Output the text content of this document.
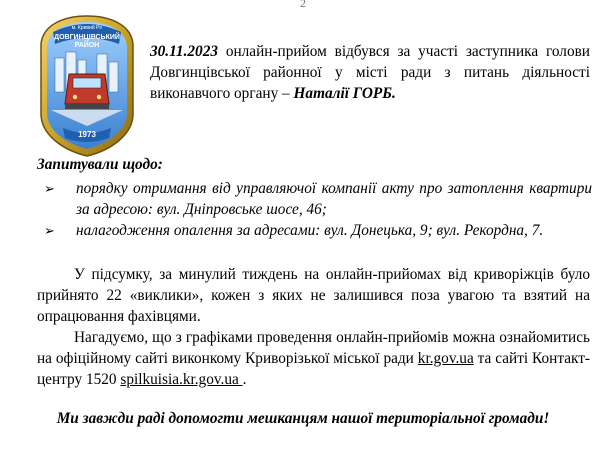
2
м. Кривий Ріг
ДОВГИНЦІВСЬКИЙ
РАЙОН
1973

30.11.2023 онлайн-прийом відбувся за участі заступника голови Довгинцівської районної у місті ради з питань діяльності виконавчого органу – Наталії ГОРБ.

Запитували щодо:
➢ порядку отримання від управляючої компанії акту про затоплення квартири за адресою: вул. Дніпровське шосе, 46;
➢ налагодження опалення за адресами: вул. Донецька, 9; вул. Рекордна, 7.

У підсумку, за минулий тиждень на онлайн-прийомах від криворіжців було прийнято 22 «виклики», кожен з яких не залишився поза увагою та взятий на опрацювання фахівцями.

Нагадуємо, що з графіками проведення онлайн-прийомів можна ознайомитись на офіційному сайті виконкому Криворізької міської ради kr.gov.ua та сайті Контакт-центру 1520 spilkuisia.kr.gov.ua .

Ми завжди раді допомогти мешканцям нашої територіальної громади!
